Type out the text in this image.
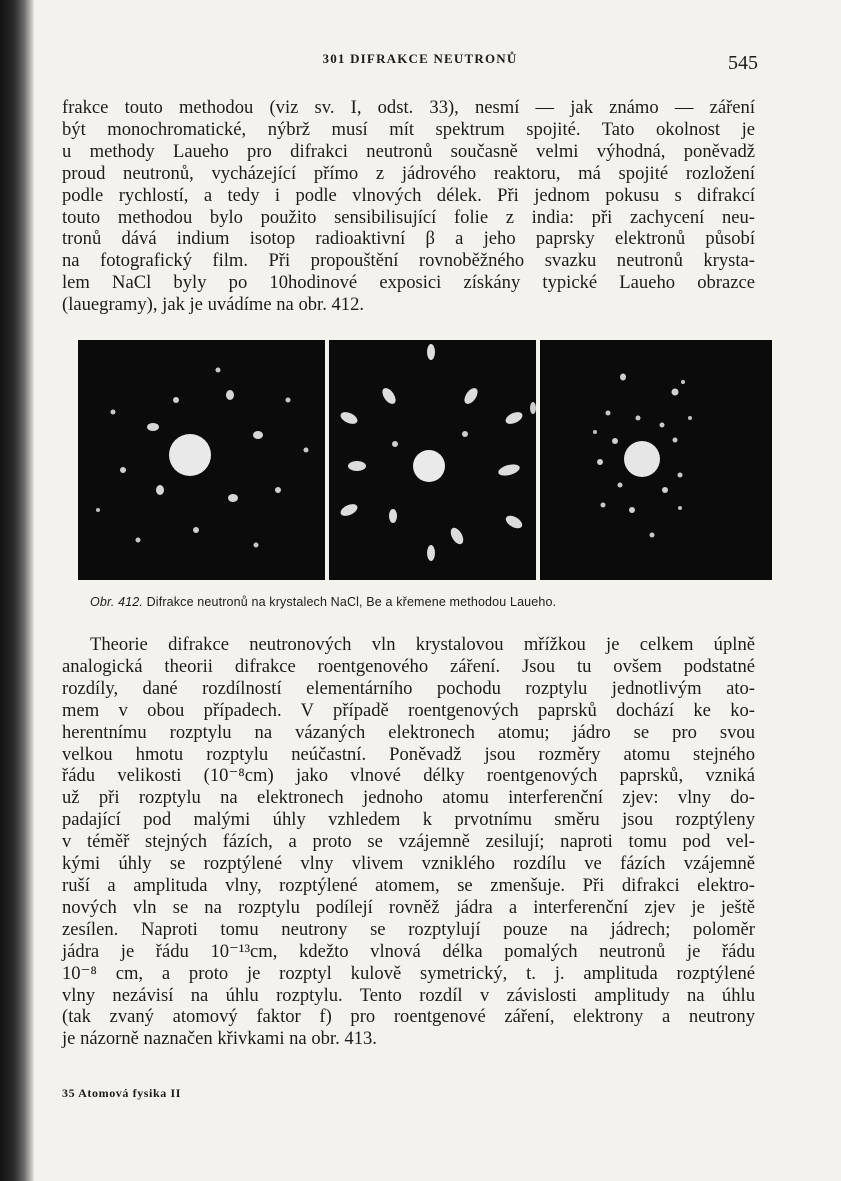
301 DIFRAKCE NEUTRONŮ	545
frakce touto methodou (viz sv. I, odst. 33), nesmí — jak známo — záření
být monochromatické, nýbrž musí mít spektrum spojité. Tato okolnost je
u methody Laueho pro difrakci neutronů současně velmi výhodná, poněvadž
proud neutronů, vycházející přímo z jádrového reaktoru, má spojité rozložení
podle rychlostí, a tedy i podle vlnových délek. Při jednom pokusu s difrakcí
touto methodou bylo použito sensibilisující folie z india: při zachycení neu-
tronů dává indium isotop radioaktivní β a jeho paprsky elektronů působí
na fotografický film. Při propouštění rovnoběžného svazku neutronů krysta-
lem NaCl byly po 10hodinové exposici získány typické Laueho obrazce
(lauegramy), jak je uvádíme na obr. 412.
Obr. 412. Difrakce neutronů na krystalech NaCl, Be a křemene methodou Laueho.
Theorie difrakce neutronových vln krystalovou mřížkou je celkem úplně
analogická theorii difrakce roentgenového záření. Jsou tu ovšem podstatné
rozdíly, dané rozdílností elementárního pochodu rozptylu jednotlivým ato-
mem v obou případech. V případě roentgenových paprsků dochází ke ko-
herentnímu rozptylu na vázaných elektronech atomu; jádro se pro svou
velkou hmotu rozptylu neúčastní. Poněvadž jsou rozměry atomu stejného
řádu velikosti (10⁻⁸cm) jako vlnové délky roentgenových paprsků, vzniká
už při rozptylu na elektronech jednoho atomu interferenční zjev: vlny do-
padající pod malými úhly vzhledem k prvotnímu směru jsou rozptýleny
v téměř stejných fázích, a proto se vzájemně zesilují; naproti tomu pod vel-
kými úhly se rozptýlené vlny vlivem vzniklého rozdílu ve fázích vzájemně
ruší a amplituda vlny, rozptýlené atomem, se zmenšuje. Při difrakci elektro-
nových vln se na rozptylu podílejí rovněž jádra a interferenční zjev je ještě
zesílen. Naproti tomu neutrony se rozptylují pouze na jádrech; poloměr
jádra je řádu 10⁻¹³cm, kdežto vlnová délka pomalých neutronů je řádu
10⁻⁸ cm, a proto je rozptyl kulově symetrický, t. j. amplituda rozptýlené
vlny nezávisí na úhlu rozptylu. Tento rozdíl v závislosti amplitudy na úhlu
(tak zvaný atomový faktor f) pro roentgenové záření, elektrony a neutrony
je názorně naznačen křivkami na obr. 413.
35 Atomová fysika II
